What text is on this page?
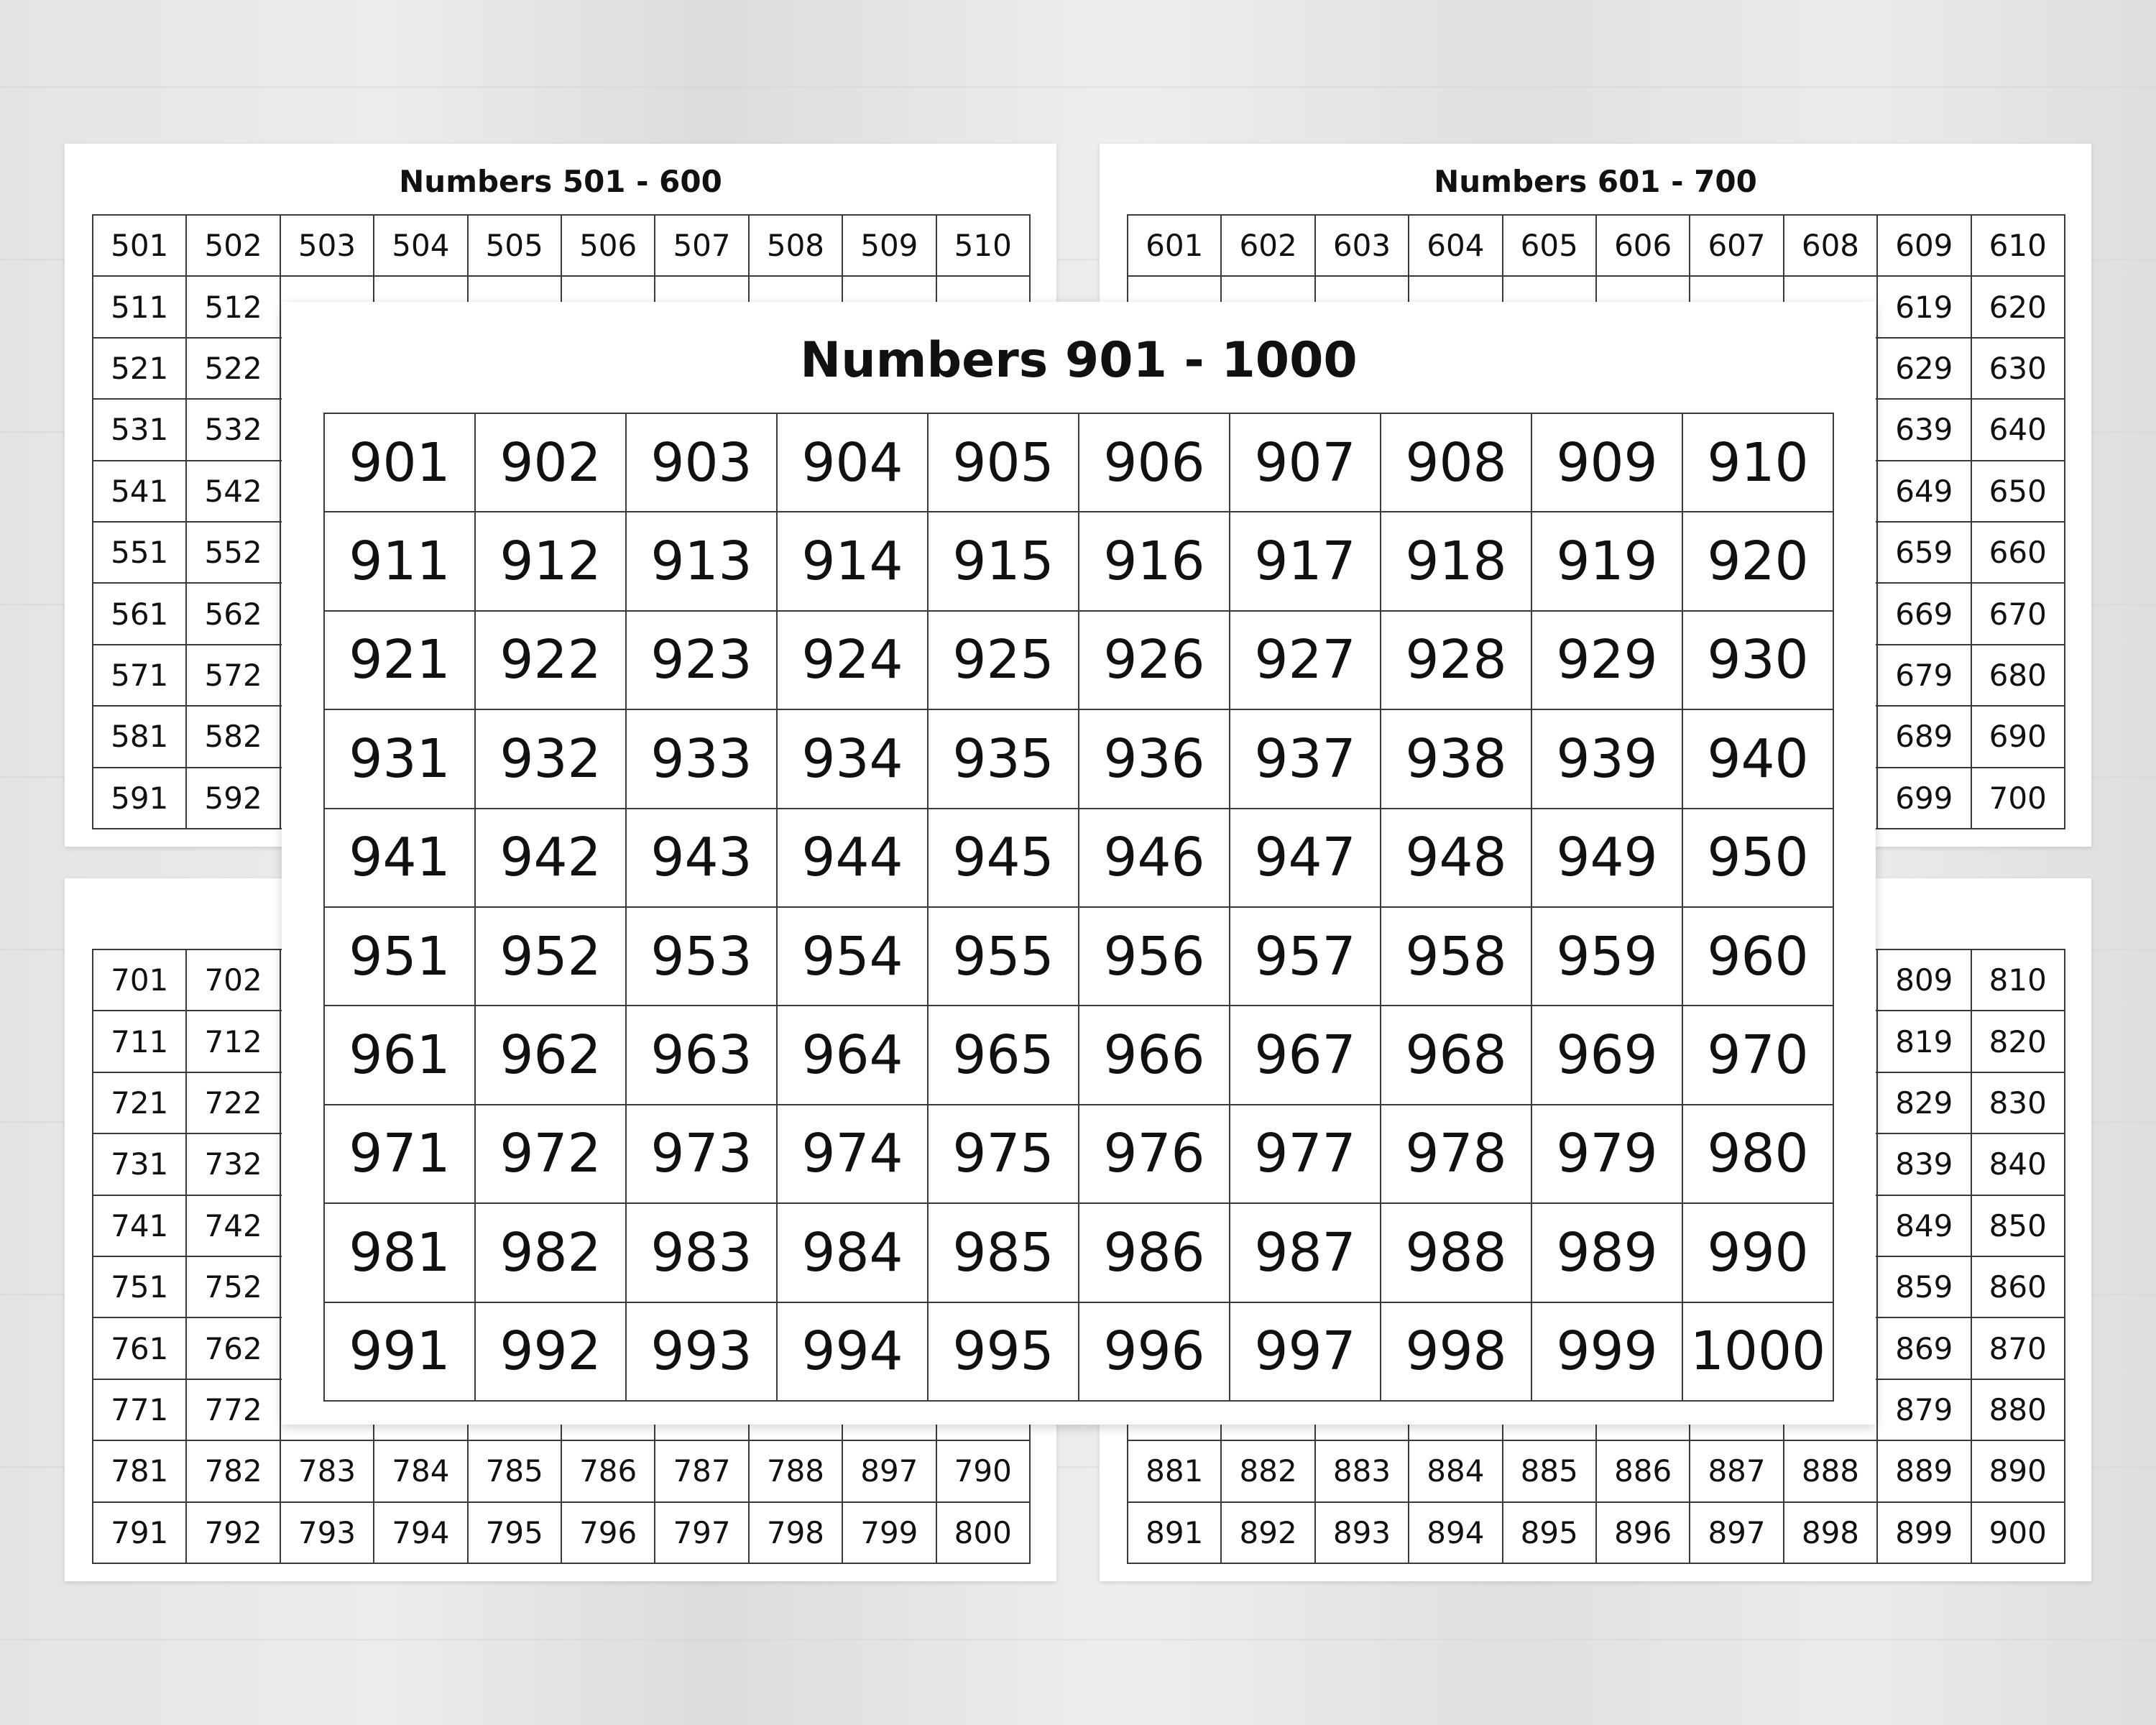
Numbers 501 - 600
501	502	503	504	505	506	507	508	509	510
511	512								
521	522								
531	532								
541	542								
551	552								
561	562								
571	572								
581	582								
591	592								
Numbers 601 - 700
601	602	603	604	605	606	607	608	609	610
								619	620
								629	630
								639	640
								649	650
								659	660
								669	670
								679	680
								689	690
								699	700
701	702								
711	712								
721	722								
731	732								
741	742								
751	752								
761	762								
771	772								
781	782	783	784	785	786	787	788	897	790
791	792	793	794	795	796	797	798	799	800
								809	810
								819	820
								829	830
								839	840
								849	850
								859	860
								869	870
								879	880
881	882	883	884	885	886	887	888	889	890
891	892	893	894	895	896	897	898	899	900
Numbers 901 - 1000
901	902	903	904	905	906	907	908	909	910
911	912	913	914	915	916	917	918	919	920
921	922	923	924	925	926	927	928	929	930
931	932	933	934	935	936	937	938	939	940
941	942	943	944	945	946	947	948	949	950
951	952	953	954	955	956	957	958	959	960
961	962	963	964	965	966	967	968	969	970
971	972	973	974	975	976	977	978	979	980
981	982	983	984	985	986	987	988	989	990
991	992	993	994	995	996	997	998	999	1000
